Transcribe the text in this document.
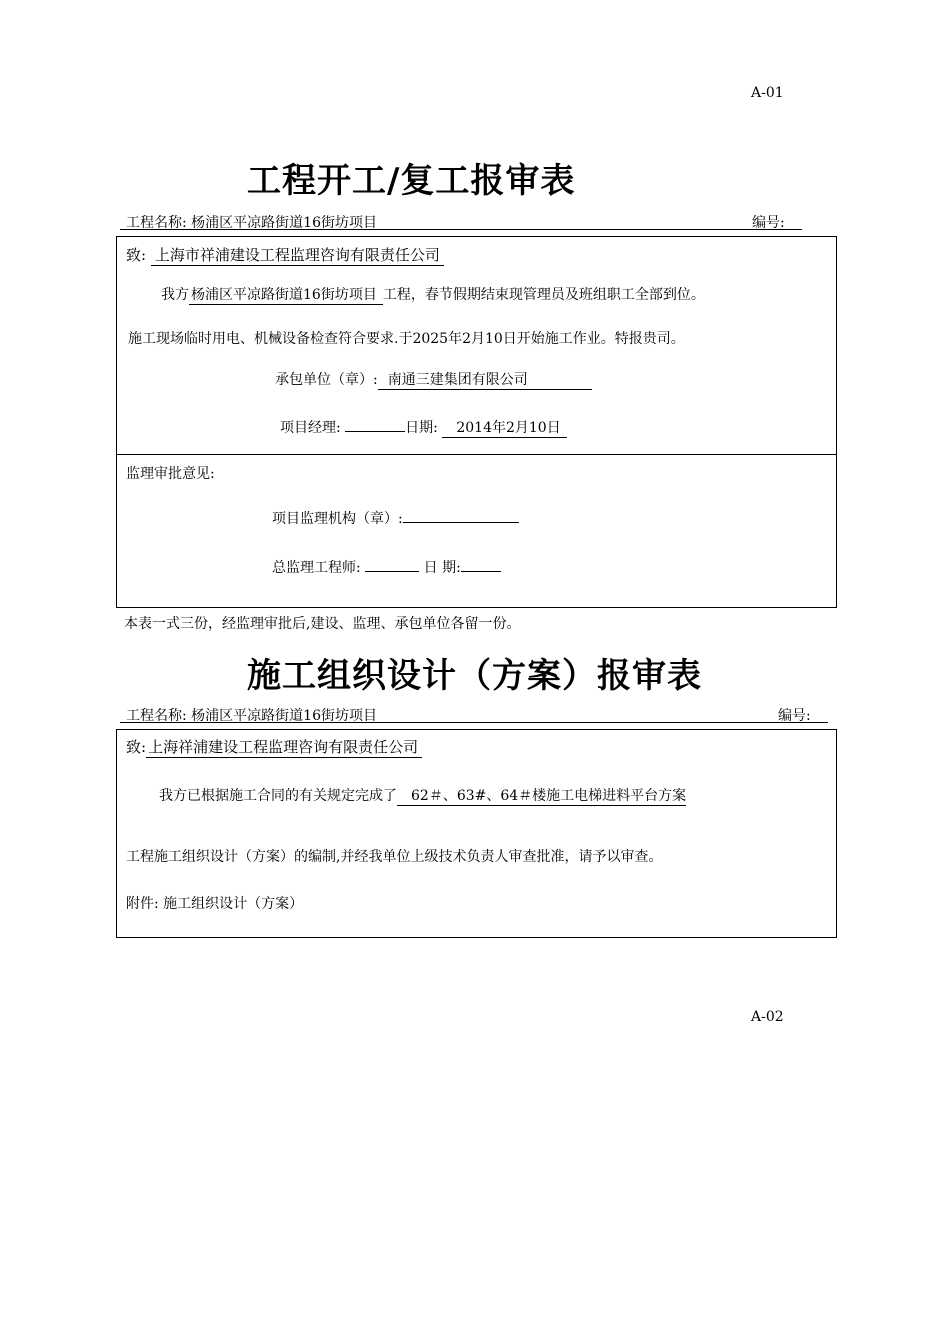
A-01
工程开工/复工报审表
工程名称: 杨浦区平凉路街道16街坊项目	编号:
致: 上海市祥浦建设工程监理咨询有限责任公司
我方 杨浦区平凉路街道16街坊项目 工程，春节假期结束现管理员及班组职工全部到位。
施工现场临时用电、机械设备检查符合要求.于2025年2月10日开始施工作业。特报贵司。
承包单位（章）: 南通三建集团有限公司
项目经理:	日期: 2014年2月10日
监理审批意见:
项目监理机构（章）:
总监理工程师:	日 期:
本表一式三份，经监理审批后,建设、监理、承包单位各留一份。
施工组织设计（方案）报审表
工程名称: 杨浦区平凉路街道16街坊项目	编号:
致: 上海祥浦建设工程监理咨询有限责任公司
我方已根据施工合同的有关规定完成了 62＃、63#、64＃楼施工电梯进料平台方案
工程施工组织设计（方案）的编制,并经我单位上级技术负责人审查批准，请予以审查。
附件: 施工组织设计（方案）
A-02
